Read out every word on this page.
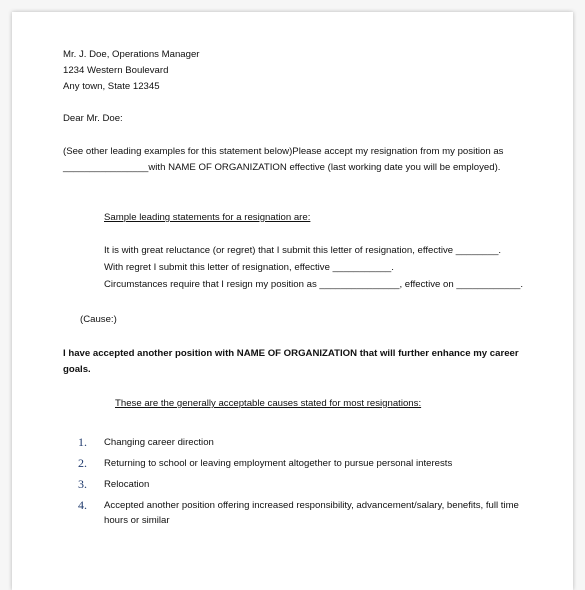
Mr. J. Doe, Operations Manager
1234 Western Boulevard
Any town, State 12345
Dear Mr. Doe:
(See other leading examples for this statement below)Please accept my resignation from my position as
________________with NAME OF ORGANIZATION effective (last working date you will be employed).
Sample leading statements for a resignation are:
It is with great reluctance (or regret) that I submit this letter of resignation, effective ________.
With regret I submit this letter of resignation, effective ___________.
Circumstances require that I resign my position as _______________, effective on ____________.
(Cause:)
I have accepted another position with NAME OF ORGANIZATION that will further enhance my career
goals.
These are the generally acceptable causes stated for most resignations:
1. Changing career direction
2. Returning to school or leaving employment altogether to pursue personal interests
3. Relocation
4. Accepted another position offering increased responsibility, advancement/salary, benefits, full time
hours or similar
